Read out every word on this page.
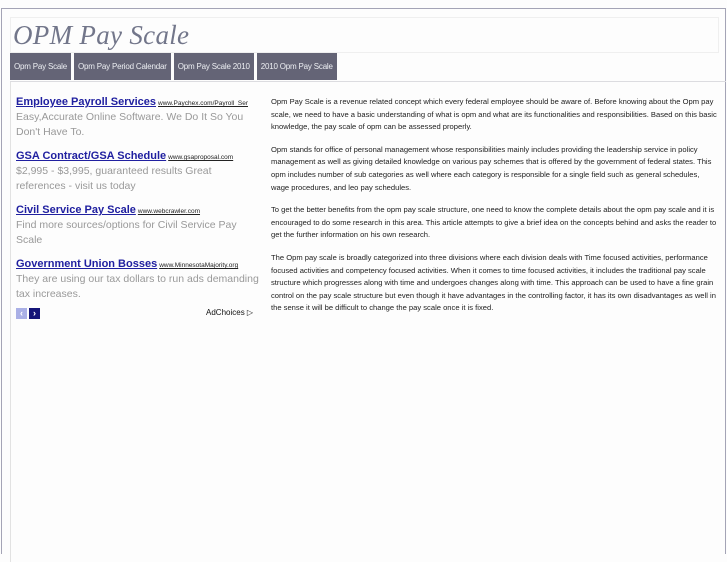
OPM Pay Scale
Opm Pay Scale	Opm Pay Period Calendar	Opm Pay Scale 2010	2010 Opm Pay Scale

Opm Pay Scale is a revenue related concept which every federal employee should be aware of. Before knowing about the Opm pay scale, we need to have a basic understanding of what is opm and what are its functionalities and responsibilities. Based on this basic knowledge, the pay scale of opm can be assessed properly.

Opm stands for office of personal management whose responsibilities mainly includes providing the leadership service in policy management as well as giving detailed knowledge on various pay schemes that is offered by the government of federal states. This opm includes number of sub categories as well where each category is responsible for a single field such as general schedules, wage procedures, and leo pay schedules.

To get the better benefits from the opm pay scale structure, one need to know the complete details about the opm pay scale and it is encouraged to do some research in this area. This article attempts to give a brief idea on the concepts behind and asks the reader to get the further information on his own research.

The Opm pay scale is broadly categorized into three divisions where each division deals with Time focused activities, performance focused activities and competency focused activities. When it comes to time focused activities, it includes the traditional pay scale structure which progresses along with time and undergoes changes along with time. This approach can be used to have a fine grain control on the pay scale structure but even though it have advantages in the controlling factor, it has its own disadvantages as well in the sense it will be difficult to change the pay scale once it is fixed.

Employee Payroll Services www.Paychex.com/Payroll_Ser
Easy,Accurate Online Software. We Do It So You Don't Have To.
GSA Contract/GSA Schedule www.gsaproposal.com
$2,995 - $3,995, guaranteed results Great references - visit us today
Civil Service Pay Scale www.webcrawler.com
Find more sources/options for Civil Service Pay Scale
Government Union Bosses www.MinnesotaMajority.org
They are using our tax dollars to run ads demanding tax increases.
‹	›	AdChoices ▷
